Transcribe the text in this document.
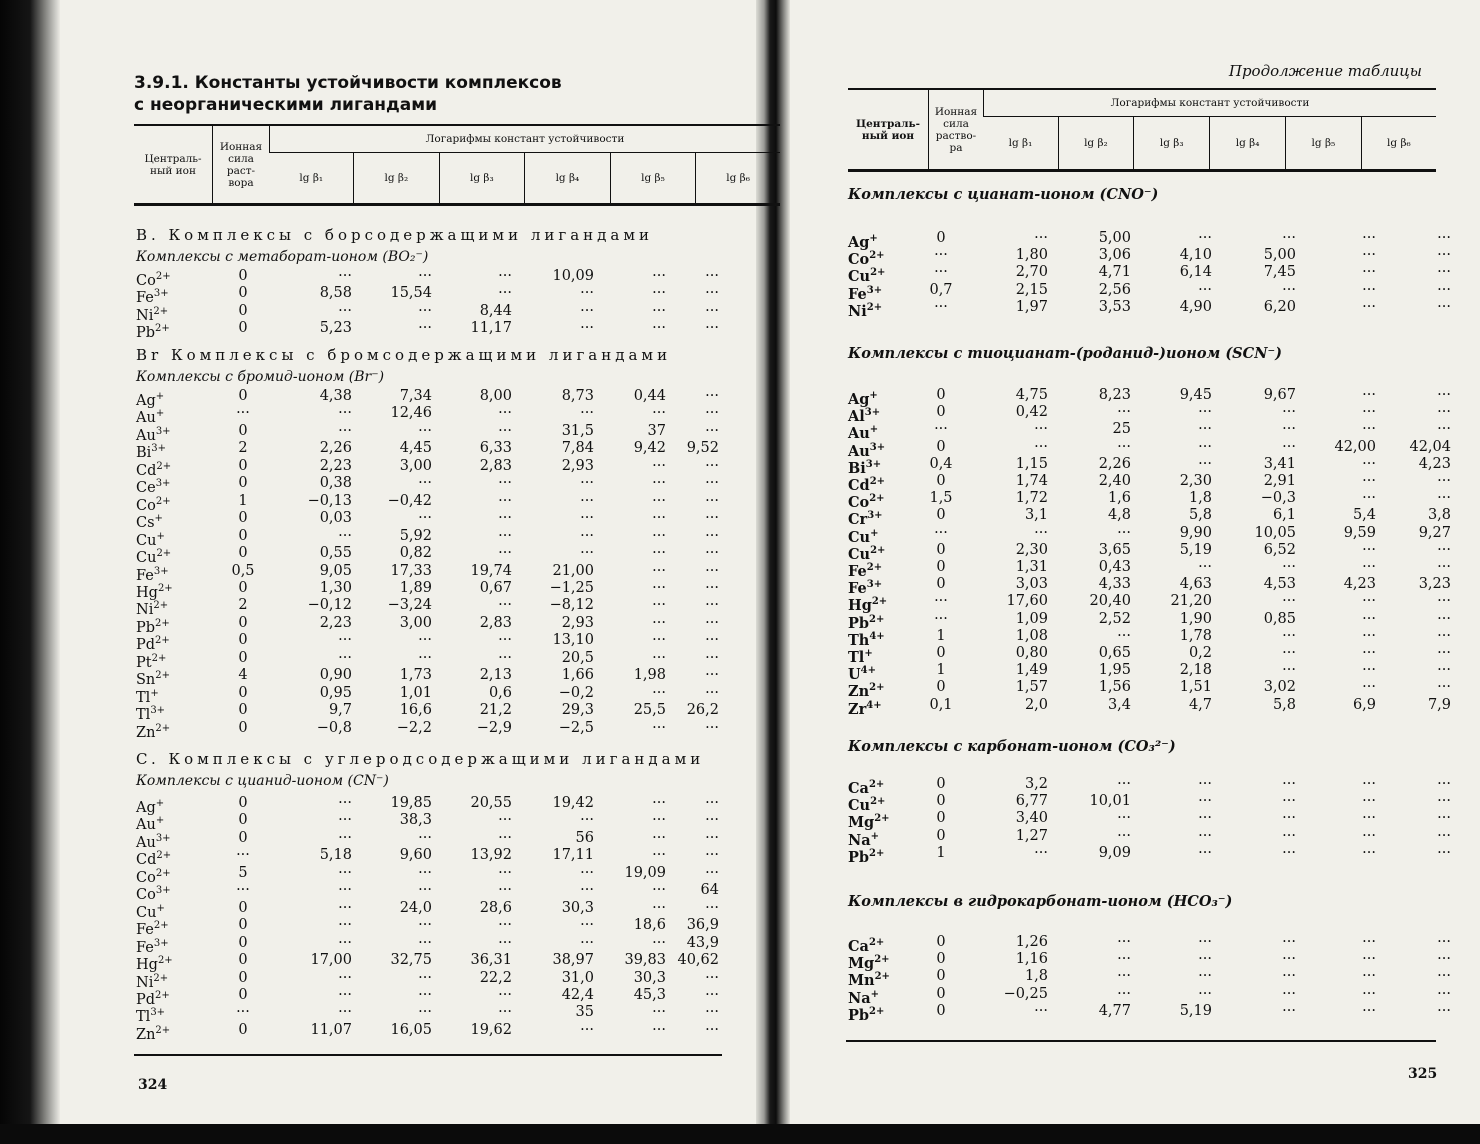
3.9.1. Константы устойчивости комплексов
с неорганическими лигандами
Централь-
ный ион	Ионная
сила
раст-
вора	Логарифмы констант устойчивости					
		lg β₁	lg β₂	lg β₃	lg β₄	lg β₅	lg β₆
B. Комплексы с борсодержащими лигандами
Комплексы с метаборат-ионом (BO₂⁻)
$Co^{2+}$	0	···	···	···	10,09	···	···
$Fe^{3+}$	0	8,58	15,54	···	···	···	···
$Ni^{2+}$	0	···	···	8,44	···	···	···
$Pb^{2+}$	0	5,23	···	11,17	···	···	···
Br Комплексы с бромсодержащими лигандами
Комплексы с бромид-ионом (Br⁻)
Ag+	0	4,38	7,34	8,00	8,73	0,44	···
Au+	···	···	12,46	···	···	···	···
$Au^{3+}$	0	···	···	···	31,5	37	···
$Bi^{3+}$	2	2,26	4,45	6,33	7,84	9,42 9,52
$Cd^{2+}$	0	2,23	3,00	2,83	2,93	···	···
$Ce^{3+}$	0	0,38	···	···	···	···	···
$Co^{2+}$	1	−0,13 −0,42	···	···	···	···
Cs+	0	0,03	···	···	···	···	···
Cu+	0	···	5,92	···	···	···	···
$Cu^{2+}$	0	0,55	0,82	···	···	···	···
$Fe^{3+}$	0,5	9,05	17,33	19,74	21,00	···	···
$Hg^{2+}$	0	1,30	1,89	0,67	−1,25	···	···
$Ni^{2+}$	2	−0,12 −3,24	···	−8,12	···	···
$Pb^{2+}$	0	2,23	3,00	2,83	2,93	···	···
$Pd^{2+}$	0	···	···	···	13,10	···	···
$Pt^{2+}$	0	···	···	···	20,5	···	···
$Sn^{2+}$	4	0,90	1,73	2,13	1,66	1,98	···
Tl+	0	0,95	1,01	0,6	−0,2	···	···
$Tl^{3+}$	0	9,7	16,6	21,2	29,3	25,5 26,2
$Zn^{2+}$	0	−0,8	−2,2	−2,9	−2,5	···	···
C. Комплексы с углеродсодержащими лигандами
Комплексы с цианид-ионом (CN⁻)
Ag+	0	···	19,85	20,55	19,42	···	···
Au+	0	···	38,3	···	···	···	···
$Au^{3+}$	0	···	···	···	56	···	···
$Cd^{2+}$	···	5,18	9,60	13,92	17,11	···	···
$Co^{2+}$	5	···	···	···	··· 19,09	···
$Co^{3+}$	···	···	···	···	···	··· 64
Cu+	0	···	24,0	28,6	30,3	···	···
$Fe^{2+}$	0	···	···	···	···	18,6 36,9
$Fe^{3+}$	0	···	···	···	···	··· 43,9
$Hg^{2+}$	0	17,00	32,75	36,31	38,97 39,83 40,62
$Ni^{2+}$	0	···	···	22,2	31,0	30,3	···
$Pd^{2+}$	0	···	···	···	42,4	45,3	···
$Tl^{3+}$	···	···	···	···	35	···	···
$Zn^{2+}$	0	11,07	16,05	19,62	···	···	···
324
Продолжение таблицы
Централь-
ный ион	Ионная
сила
раство-
ра	Логарифмы констант устойчивости					
		lg β₁	lg β₂	lg β₃	lg β₄	lg β₅	lg β₆
Комплексы с цианат-ионом (CNO⁻)
Ag+	0	···	5,00	···	···	···	···
$Co^{2+}$	···	1,80	3,06	4,10	5,00	···	···
$Cu^{2+}$	···	2,70	4,71	6,14	7,45	···	···
$Fe^{3+}$	0,7	2,15	2,56	···	···	···	···
$Ni^{2+}$	···	1,97	3,53	4,90	6,20	···	···
Комплексы с тиоцианат-(роданид-)ионом (SCN⁻)
Ag+	0	4,75	8,23	9,45	9,67	···	···
$Al^{3+}$	0	0,42	···	···	···	···	···
Au+	···	···	25	···	···	···	···
$Au^{3+}$	0	···	···	···	···	42,00 42,04
$Bi^{3+}$	0,4	1,15	2,26	···	3,41	···	4,23
$Cd^{2+}$	0	1,74	2,40	2,30	2,91	···	···
$Co^{2+}$	1,5	1,72	1,6	1,8	−0,3	···	···
$Cr^{3+}$	0	3,1	4,8	5,8	6,1	5,4	3,8
Cu+	···	···	···	9,90	10,05	9,59	9,27
$Cu^{2+}$	0	2,30	3,65	5,19	6,52	···	···
$Fe^{2+}$	0	1,31	0,43	···	···	···	···
$Fe^{3+}$	0	3,03	4,33	4,63	4,53	4,23	3,23
$Hg^{2+}$	···	17,60	20,40	21,20	···	···	···
$Pb^{2+}$	···	1,09	2,52	1,90	0,85	···	···
$Th^{4+}$	1	1,08	···	1,78	···	···	···
Tl+	0	0,80	0,65	0,2	···	···	···
$U^{4+}$	1	1,49	1,95	2,18	···	···	···
$Zn^{2+}$	0	1,57	1,56	1,51	3,02	···	···
$Zr^{4+}$	0,1	2,0	3,4	4,7	5,8	6,9	7,9
Комплексы с карбонат-ионом (CO₃²⁻)
$Ca^{2+}$	0	3,2	···	···	···	···	···
$Cu^{2+}$	0	6,77	10,01	···	···	···	···
$Mg^{2+}$	0	3,40	···	···	···	···	···
Na+	0	1,27	···	···	···	···	···
$Pb^{2+}$	1	···	9,09	···	···	···	···
Комплексы в гидрокарбонат-ионом (HCO₃⁻)
$Ca^{2+}$	0	1,26	···	···	···	···	···
$Mg^{2+}$	0	1,16	···	···	···	···	···
$Mn^{2+}$	0	1,8	···	···	···	···	···
Na+	0	−0,25	···	···	···	···	···
$Pb^{2+}$	0	···	4,77	5,19	···	···	···
325
